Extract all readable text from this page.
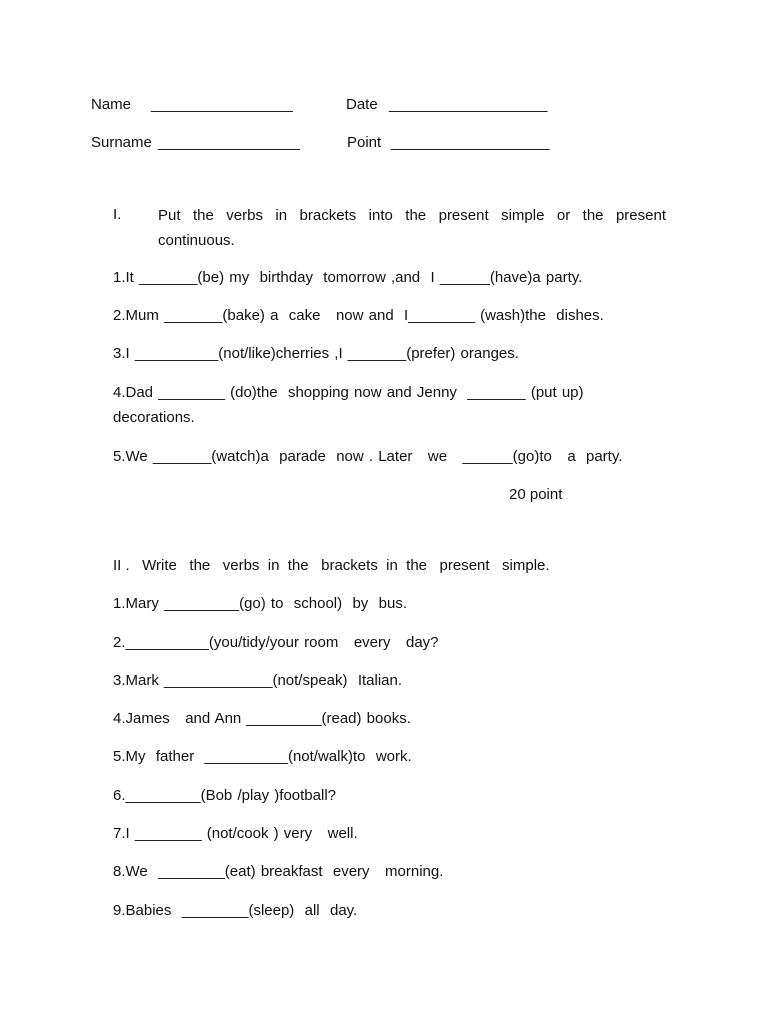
Name _________________	Date ___________________
Surname _________________	Point ___________________
I. Put the verbs in brackets into the present simple or the present continuous.
1.It _______(be) my  birthday  tomorrow ,and  I ______(have)a party.
2.Mum _______(bake) a  cake   now and  I________ (wash)the  dishes.
3.I __________(not/like)cherries ,I _______(prefer) oranges.
4.Dad ________ (do)the  shopping now and Jenny  _______ (put up)
decorations.
5.We _______(watch)a  parade  now . Later   we   ______(go)to   a  party.
20 point
II .   Write   the   verbs  in  the   brackets  in  the   present   simple.
1.Mary _________(go) to  school)  by  bus.
2.__________(you/tidy/your room   every   day?
3.Mark _____________(not/speak)  Italian.
4.James   and Ann _________(read) books.
5.My  father  __________(not/walk)to  work.
6._________(Bob /play )football?
7.I ________ (not/cook ) very   well.
8.We  ________(eat) breakfast  every   morning.
9.Babies  ________(sleep)  all  day.
